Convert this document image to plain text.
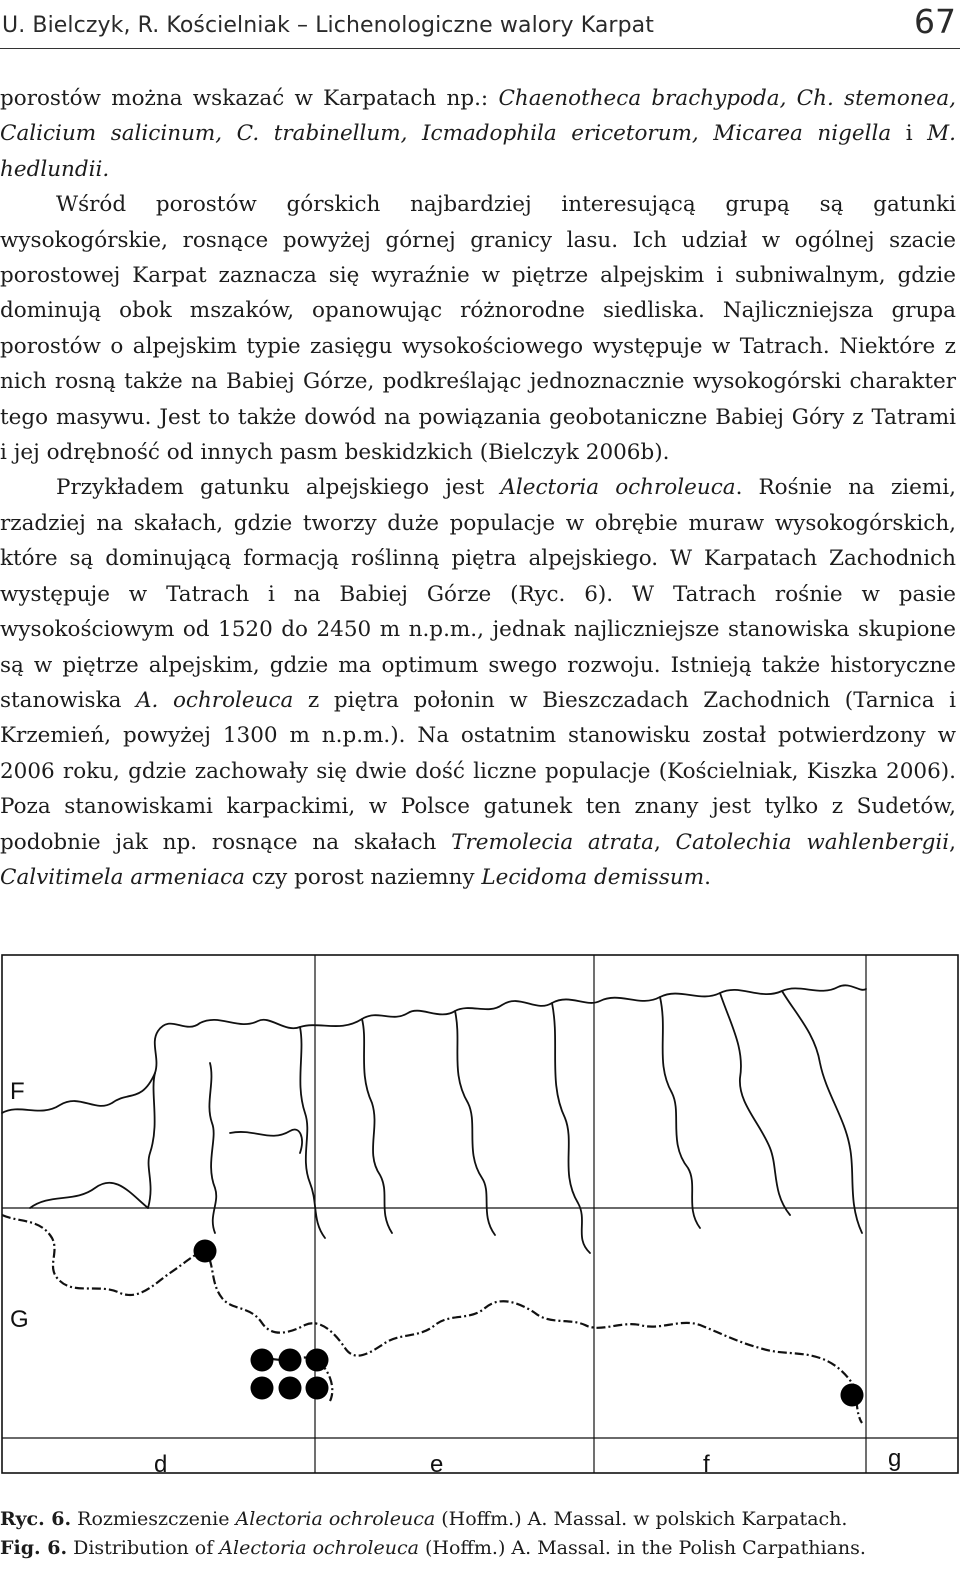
U. Bielczyk, R. Kościelniak – Lichenologiczne walory Karpat	67

porostów można wskazać w Karpatach np.: Chaenotheca brachypoda, Ch. stemonea, Calicium salicinum, C. trabinellum, Icmadophila ericetorum, Micarea nigella i M. hedlundii.

Wśród porostów górskich najbardziej interesującą grupą są gatunki wysokogórskie, rosnące powyżej górnej granicy lasu. Ich udział w ogólnej szacie porostowej Karpat zaznacza się wyraźnie w piętrze alpejskim i subniwalnym, gdzie dominują obok mszaków, opanowując różnorodne siedliska. Najliczniejsza grupa porostów o alpejskim typie zasięgu wysokościowego występuje w Tatrach. Niektóre z nich rosną także na Babiej Górze, podkreślając jednoznacznie wysokogórski charakter tego masywu. Jest to także dowód na powiązania geobotaniczne Babiej Góry z Tatrami i jej odrębność od innych pasm beskidzkich (Bielczyk 2006b).

Przykładem gatunku alpejskiego jest Alectoria ochroleuca. Rośnie na ziemi, rzadziej na skałach, gdzie tworzy duże populacje w obrębie muraw wysokogórskich, które są dominującą formacją roślinną piętra alpejskiego. W Karpatach Zachodnich występuje w Tatrach i na Babiej Górze (Ryc. 6). W Tatrach rośnie w pasie wysokościowym od 1520 do 2450 m n.p.m., jednak najliczniejsze stanowiska skupione są w piętrze alpejskim, gdzie ma optimum swego rozwoju. Istnieją także historyczne stanowiska A. ochroleuca z piętra połonin w Bieszczadach Zachodnich (Tarnica i Krzemień, powyżej 1300 m n.p.m.). Na ostatnim stanowisku został potwierdzony w 2006 roku, gdzie zachowały się dwie dość liczne populacje (Kościelniak, Kiszka 2006). Poza stanowiskami karpackimi, w Polsce gatunek ten znany jest tylko z Sudetów, podobnie jak np. rosnące na skałach Tremolecia atrata, Catolechia wahlenbergii, Calvitimela armeniaca czy porost naziemny Lecidoma demissum.

F
G
d	e	f	g
Ryc. 6. Rozmieszczenie Alectoria ochroleuca (Hoffm.) A. Massal. w polskich Karpatach.
Fig. 6. Distribution of Alectoria ochroleuca (Hoffm.) A. Massal. in the Polish Carpathians.
